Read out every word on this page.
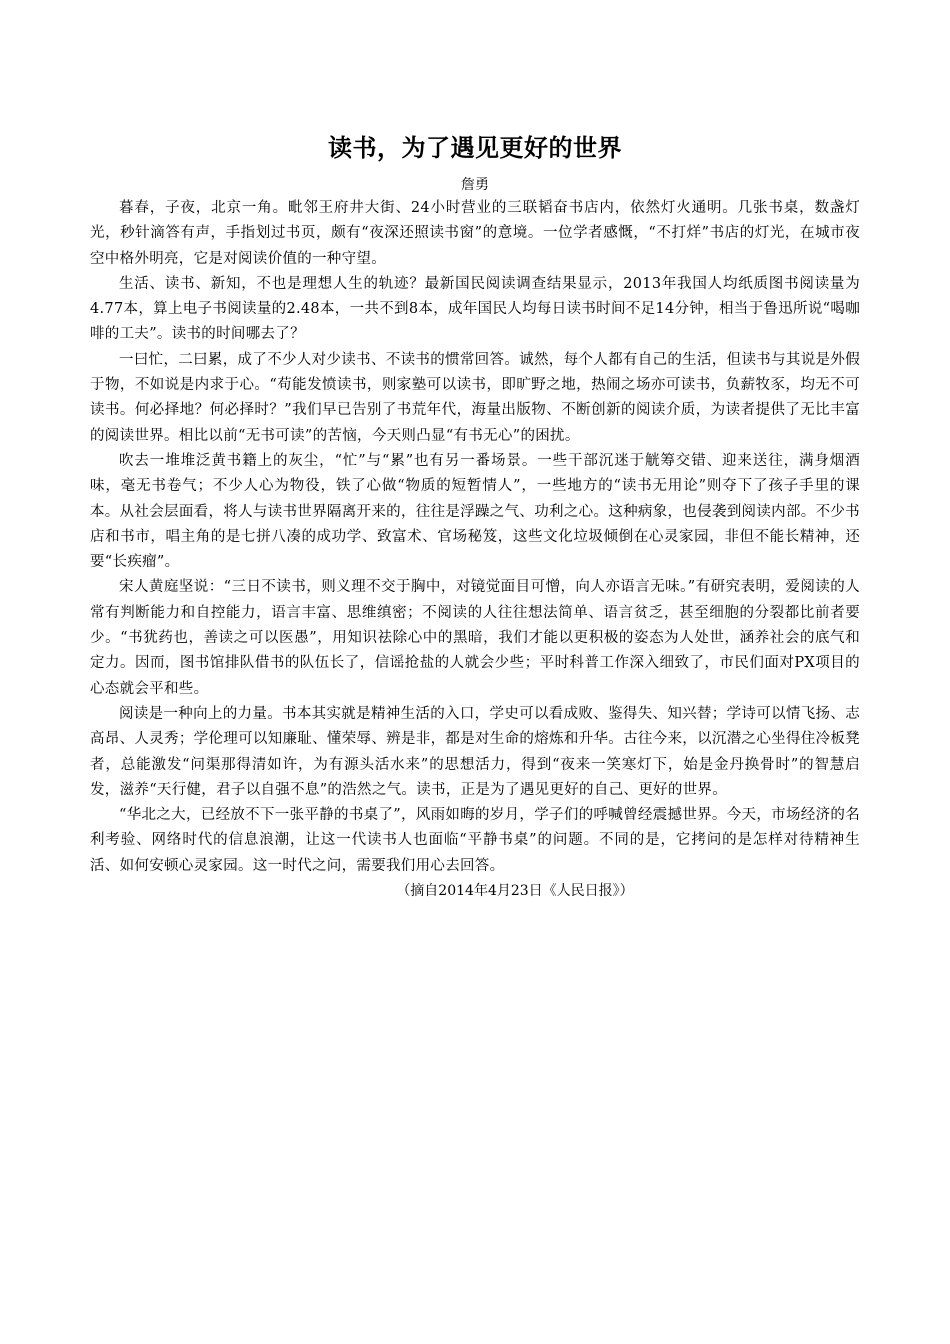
读书，为了遇见更好的世界

詹勇

暮春，子夜，北京一角。毗邻王府井大街、24小时营业的三联韬奋书店内，依然灯火通明。几张书桌，数盏灯光，秒针滴答有声，手指划过书页，颇有“夜深还照读书窗”的意境。一位学者感慨，“不打烊”书店的灯光，在城市夜空中格外明亮，它是对阅读价值的一种守望。

生活、读书、新知，不也是理想人生的轨迹？最新国民阅读调查结果显示，2013年我国人均纸质图书阅读量为4.77本，算上电子书阅读量的2.48本，一共不到8本，成年国民人均每日读书时间不足14分钟，相当于鲁迅所说“喝咖啡的工夫”。读书的时间哪去了？

一曰忙，二曰累，成了不少人对少读书、不读书的惯常回答。诚然，每个人都有自己的生活，但读书与其说是外假于物，不如说是内求于心。“苟能发愤读书，则家塾可以读书，即旷野之地，热闹之场亦可读书，负薪牧豕，均无不可读书。何必择地？何必择时？”我们早已告别了书荒年代，海量出版物、不断创新的阅读介质，为读者提供了无比丰富的阅读世界。相比以前“无书可读”的苦恼，今天则凸显“有书无心”的困扰。

吹去一堆堆泛黄书籍上的灰尘，“忙”与“累”也有另一番场景。一些干部沉迷于觥筹交错、迎来送往，满身烟酒味，毫无书卷气；不少人心为物役，铁了心做“物质的短暂情人”，一些地方的“读书无用论”则夺下了孩子手里的课本。从社会层面看，将人与读书世界隔离开来的，往往是浮躁之气、功利之心。这种病象，也侵袭到阅读内部。不少书店和书市，唱主角的是七拼八凑的成功学、致富术、官场秘笈，这些文化垃圾倾倒在心灵家园，非但不能长精神，还要“长疾瘤”。

宋人黄庭坚说：“三日不读书，则义理不交于胸中，对镜觉面目可憎，向人亦语言无味。”有研究表明，爱阅读的人常有判断能力和自控能力，语言丰富、思维缜密；不阅读的人往往想法简单、语言贫乏，甚至细胞的分裂都比前者要少。“书犹药也，善读之可以医愚”，用知识祛除心中的黑暗，我们才能以更积极的姿态为人处世，涵养社会的底气和定力。因而，图书馆排队借书的队伍长了，信谣抢盐的人就会少些；平时科普工作深入细致了，市民们面对PX项目的心态就会平和些。

阅读是一种向上的力量。书本其实就是精神生活的入口，学史可以看成败、鉴得失、知兴替；学诗可以情飞扬、志高昂、人灵秀；学伦理可以知廉耻、懂荣辱、辨是非，都是对生命的熔炼和升华。古往今来，以沉潜之心坐得住冷板凳者，总能激发“问渠那得清如许，为有源头活水来”的思想活力，得到“夜来一笑寒灯下，始是金丹换骨时”的智慧启发，滋养“天行健，君子以自强不息”的浩然之气。读书，正是为了遇见更好的自己、更好的世界。

“华北之大，已经放不下一张平静的书桌了”，风雨如晦的岁月，学子们的呼喊曾经震撼世界。今天，市场经济的名利考验、网络时代的信息浪潮，让这一代读书人也面临“平静书桌”的问题。不同的是，它拷问的是怎样对待精神生活、如何安顿心灵家园。这一时代之问，需要我们用心去回答。

（摘自2014年4月23日《人民日报》）
